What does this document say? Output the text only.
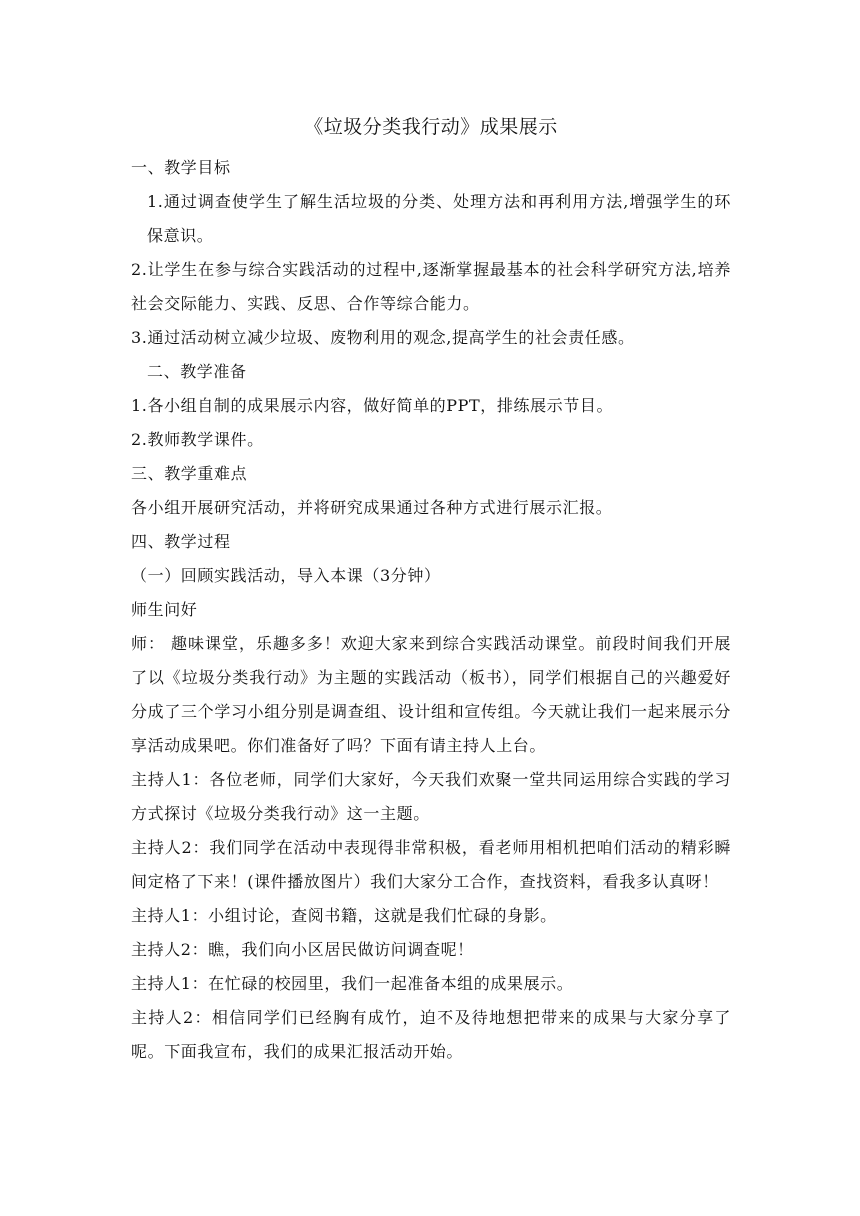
《垃圾分类我行动》成果展示

一、教学目标

1.通过调查使学生了解生活垃圾的分类、处理方法和再利用方法,增强学生的环保意识。

2.让学生在参与综合实践活动的过程中,逐渐掌握最基本的社会科学研究方法,培养社会交际能力、实践、反思、合作等综合能力。

3.通过活动树立减少垃圾、废物利用的观念,提高学生的社会责任感。

二、教学准备

1.各小组自制的成果展示内容，做好简单的PPT，排练展示节目。

2.教师教学课件。

三、教学重难点

各小组开展研究活动，并将研究成果通过各种方式进行展示汇报。

四、教学过程

（一）回顾实践活动，导入本课（3分钟）

师生问好

师： 趣味课堂，乐趣多多！欢迎大家来到综合实践活动课堂。前段时间我们开展了以《垃圾分类我行动》为主题的实践活动（板书），同学们根据自己的兴趣爱好分成了三个学习小组分别是调查组、设计组和宣传组。今天就让我们一起来展示分享活动成果吧。你们准备好了吗？下面有请主持人上台。

主持人1：各位老师，同学们大家好，今天我们欢聚一堂共同运用综合实践的学习方式探讨《垃圾分类我行动》这一主题。

主持人2：我们同学在活动中表现得非常积极，看老师用相机把咱们活动的精彩瞬间定格了下来！(课件播放图片）我们大家分工合作，查找资料，看我多认真呀！

主持人1：小组讨论，查阅书籍，这就是我们忙碌的身影。

主持人2：瞧，我们向小区居民做访问调查呢！

主持人1：在忙碌的校园里，我们一起准备本组的成果展示。

主持人2：相信同学们已经胸有成竹，迫不及待地想把带来的成果与大家分享了呢。下面我宣布，我们的成果汇报活动开始。
